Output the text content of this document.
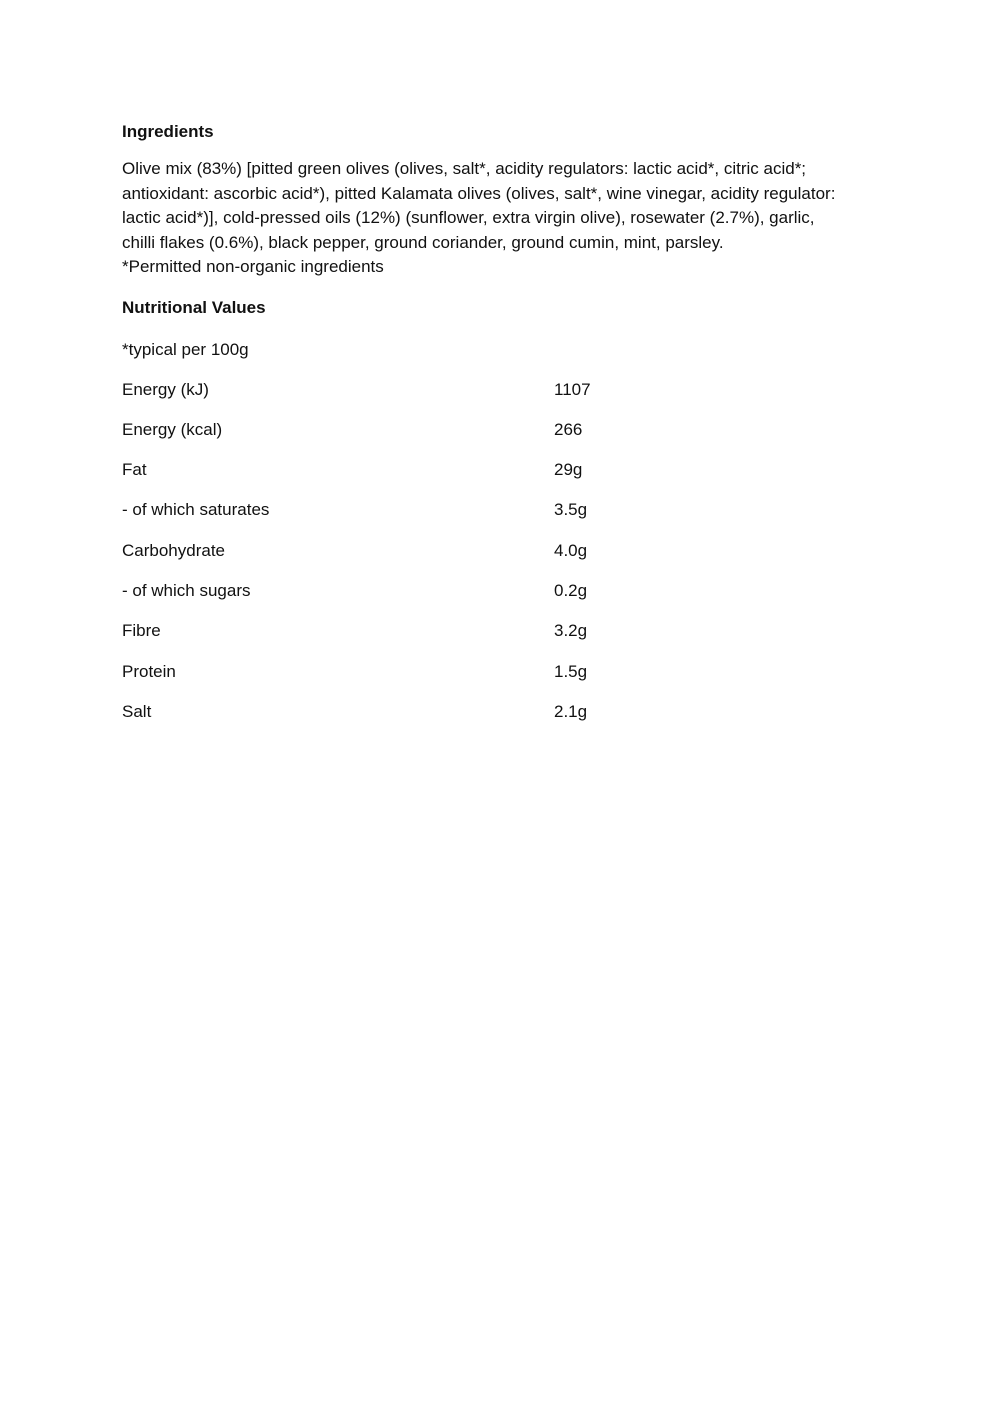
Ingredients

Olive mix (83%) [pitted green olives (olives, salt*, acidity regulators: lactic acid*, citric acid*;
antioxidant: ascorbic acid*), pitted Kalamata olives (olives, salt*, wine vinegar, acidity regulator:
lactic acid*)], cold-pressed oils (12%) (sunflower, extra virgin olive), rosewater (2.7%), garlic,
chilli flakes (0.6%), black pepper, ground coriander, ground cumin, mint, parsley.
*Permitted non-organic ingredients

Nutritional Values

*typical per 100g

Energy (kJ)	1107
Energy (kcal)	266
Fat	29g
- of which saturates	3.5g
Carbohydrate	4.0g
- of which sugars	0.2g
Fibre	3.2g
Protein	1.5g
Salt	2.1g
